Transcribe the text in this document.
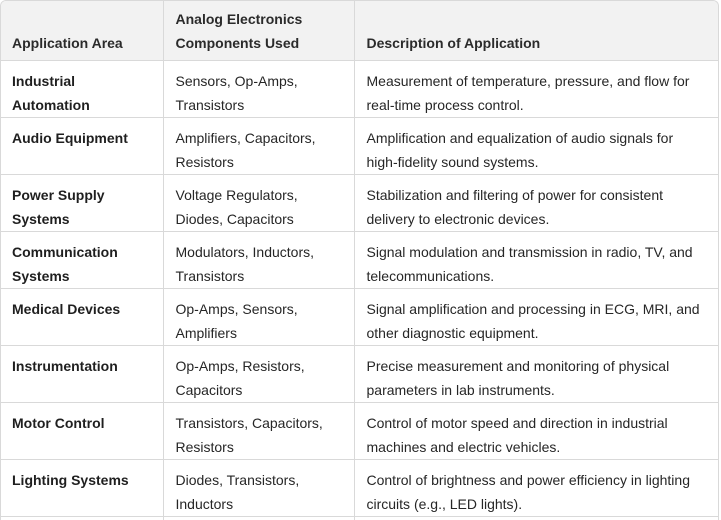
Application Area	Analog Electronics Components Used	Description of Application
Industrial Automation	Sensors, Op-Amps, Transistors	Measurement of temperature, pressure, and flow for real-time process control.
Audio Equipment	Amplifiers, Capacitors, Resistors	Amplification and equalization of audio signals for high-fidelity sound systems.
Power Supply Systems	Voltage Regulators, Diodes, Capacitors	Stabilization and filtering of power for consistent delivery to electronic devices.
Communication Systems	Modulators, Inductors, Transistors	Signal modulation and transmission in radio, TV, and telecommunications.
Medical Devices	Op-Amps, Sensors, Amplifiers	Signal amplification and processing in ECG, MRI, and other diagnostic equipment.
Instrumentation	Op-Amps, Resistors, Capacitors	Precise measurement and monitoring of physical parameters in lab instruments.
Motor Control	Transistors, Capacitors, Resistors	Control of motor speed and direction in industrial machines and electric vehicles.
Lighting Systems	Diodes, Transistors, Inductors	Control of brightness and power efficiency in lighting circuits (e.g., LED lights).
